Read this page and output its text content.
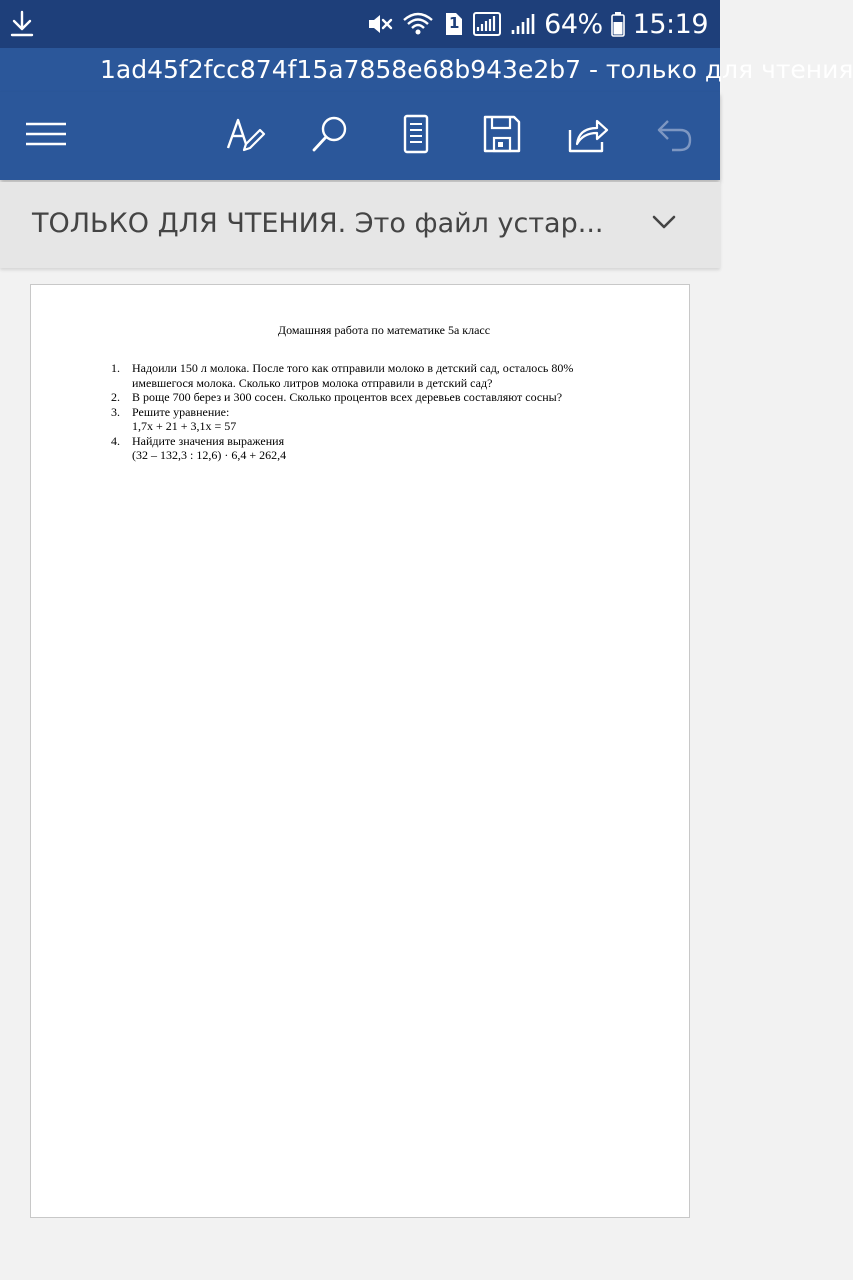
1	64% 15:19
1ad45f2fcc874f15a7858e68b943e2b7 - только для чтения
ТОЛЬКО ДЛЯ ЧТЕНИЯ. Это файл устар...
Домашняя работа по математике 5а класс
1. Надоили 150 л молока. После того как отправили молоко в детский сад, осталось 80%
имевшегося молока. Сколько литров молока отправили в детский сад?
2. В роще 700 берез и 300 сосен. Сколько процентов всех деревьев составляют сосны?
3. Решите уравнение:
1,7х + 21 + 3,1х = 57
4. Найдите значения выражения
(32 – 132,3 : 12,6) · 6,4 + 262,4
